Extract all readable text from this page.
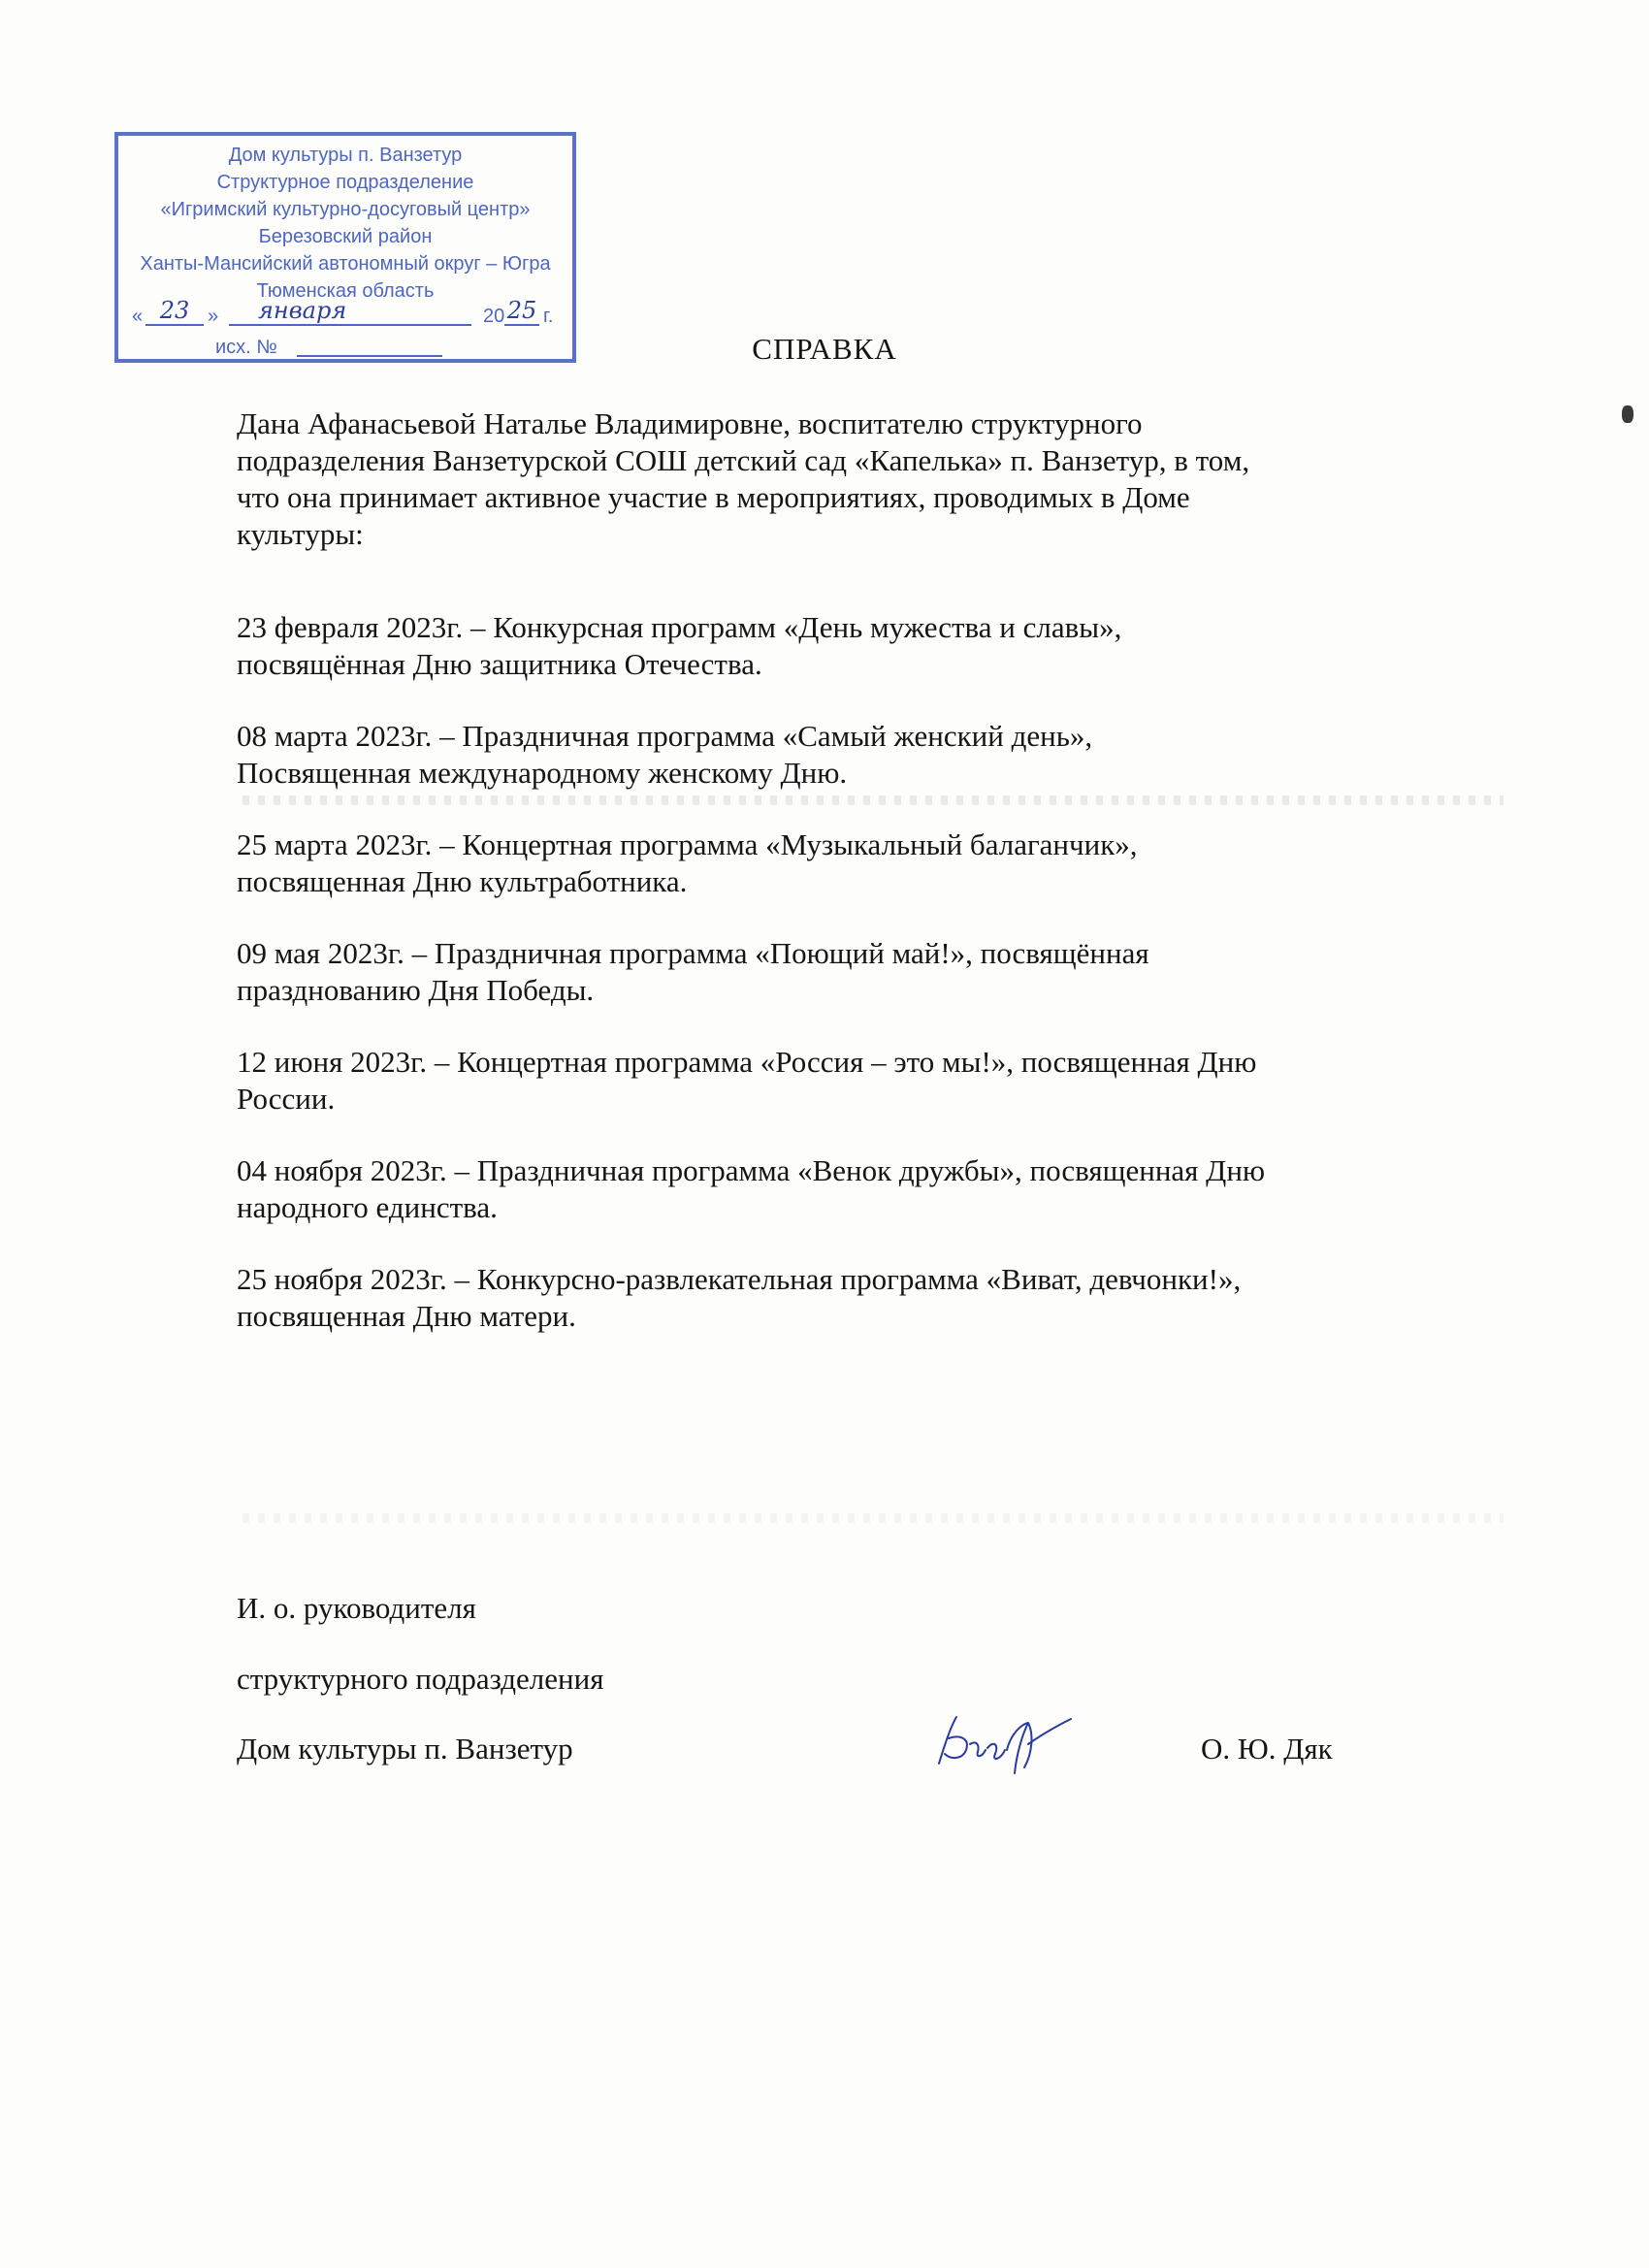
Дом культуры п. Ванзетур
Структурное подразделение
«Игримский культурно-досуговый центр»
Березовский район
Ханты-Мансийский автономный округ – Югра
Тюменская область
« 23 »	января	20 25 г.
исх. №	СПРАВКА
Дана Афанасьевой Наталье Владимировне, воспитателю структурного
подразделения Ванзетурской СОШ детский сад «Капелька» п. Ванзетур, в том,
что она принимает активное участие в мероприятиях, проводимых в Доме
культуры:
23 февраля 2023г. – Конкурсная программ «День мужества и славы»,
посвящённая Дню защитника Отечества.
08 марта 2023г. – Праздничная программа «Самый женский день»,
Посвященная международному женскому Дню.
25 марта 2023г. – Концертная программа «Музыкальный балаганчик»,
посвященная Дню культработника.
09 мая 2023г. – Праздничная программа «Поющий май!», посвящённая
празднованию Дня Победы.
12 июня 2023г. – Концертная программа «Россия – это мы!», посвященная Дню
России.
04 ноября 2023г. – Праздничная программа «Венок дружбы», посвященная Дню
народного единства.
25 ноября 2023г. – Конкурсно-развлекательная программа «Виват, девчонки!»,
посвященная Дню матери.
И. о. руководителя
структурного подразделения
Дом культуры п. Ванзетур	О. Ю. Дяк
